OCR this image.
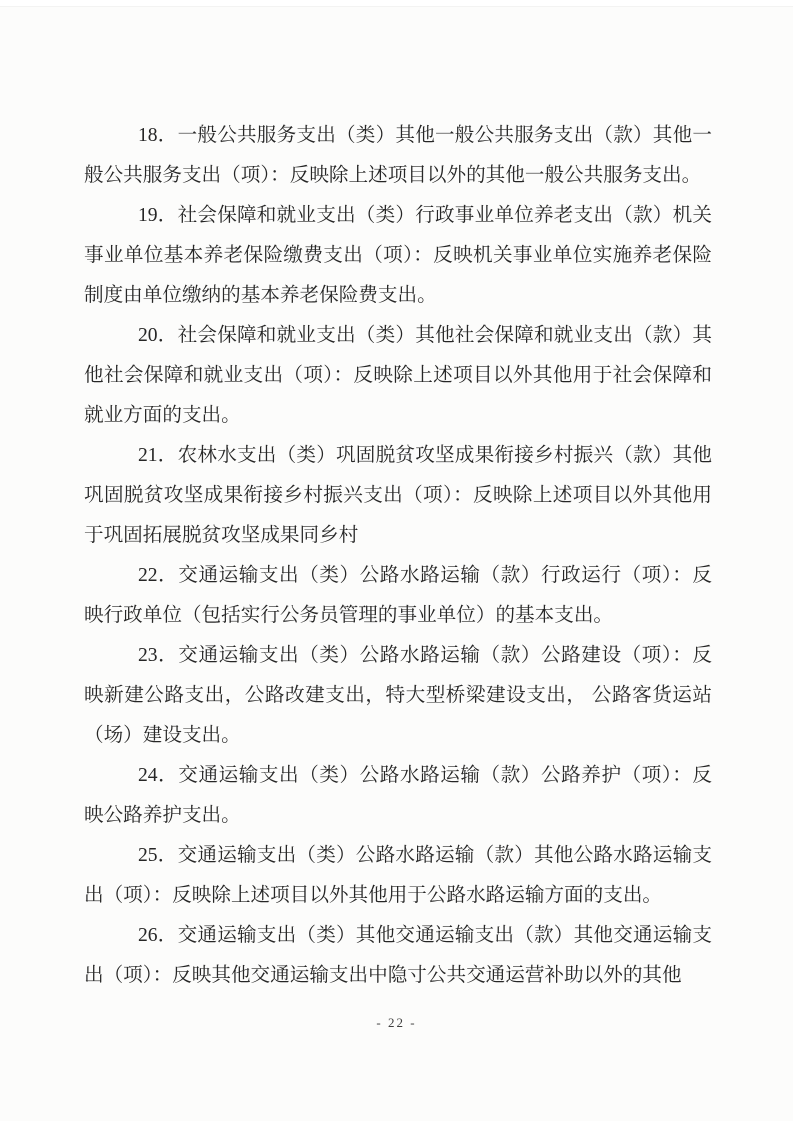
18．一般公共服务支出（类）其他一般公共服务支出（款）其他一般公共服务支出（项）：反映除上述项目以外的其他一般公共服务支出。

19．社会保障和就业支出（类）行政事业单位养老支出（款）机关事业单位基本养老保险缴费支出（项）：反映机关事业单位实施养老保险制度由单位缴纳的基本养老保险费支出。

20．社会保障和就业支出（类）其他社会保障和就业支出（款）其他社会保障和就业支出（项）：反映除上述项目以外其他用于社会保障和就业方面的支出。

21．农林水支出（类）巩固脱贫攻坚成果衔接乡村振兴（款）其他巩固脱贫攻坚成果衔接乡村振兴支出（项）：反映除上述项目以外其他用于巩固拓展脱贫攻坚成果同乡村

22．交通运输支出（类）公路水路运输（款）行政运行（项）：反映行政单位（包括实行公务员管理的事业单位）的基本支出。

23．交通运输支出（类）公路水路运输（款）公路建设（项）：反映新建公路支出，公路改建支出，特大型桥梁建设支出， 公路客货运站（场）建设支出。

24．交通运输支出（类）公路水路运输（款）公路养护（项）：反映公路养护支出。

25．交通运输支出（类）公路水路运输（款）其他公路水路运输支出（项）：反映除上述项目以外其他用于公路水路运输方面的支出。

26．交通运输支出（类）其他交通运输支出（款）其他交通运输支出（项）：反映其他交通运输支出中隐寸公共交通运营补助以外的其他

- 22 -
